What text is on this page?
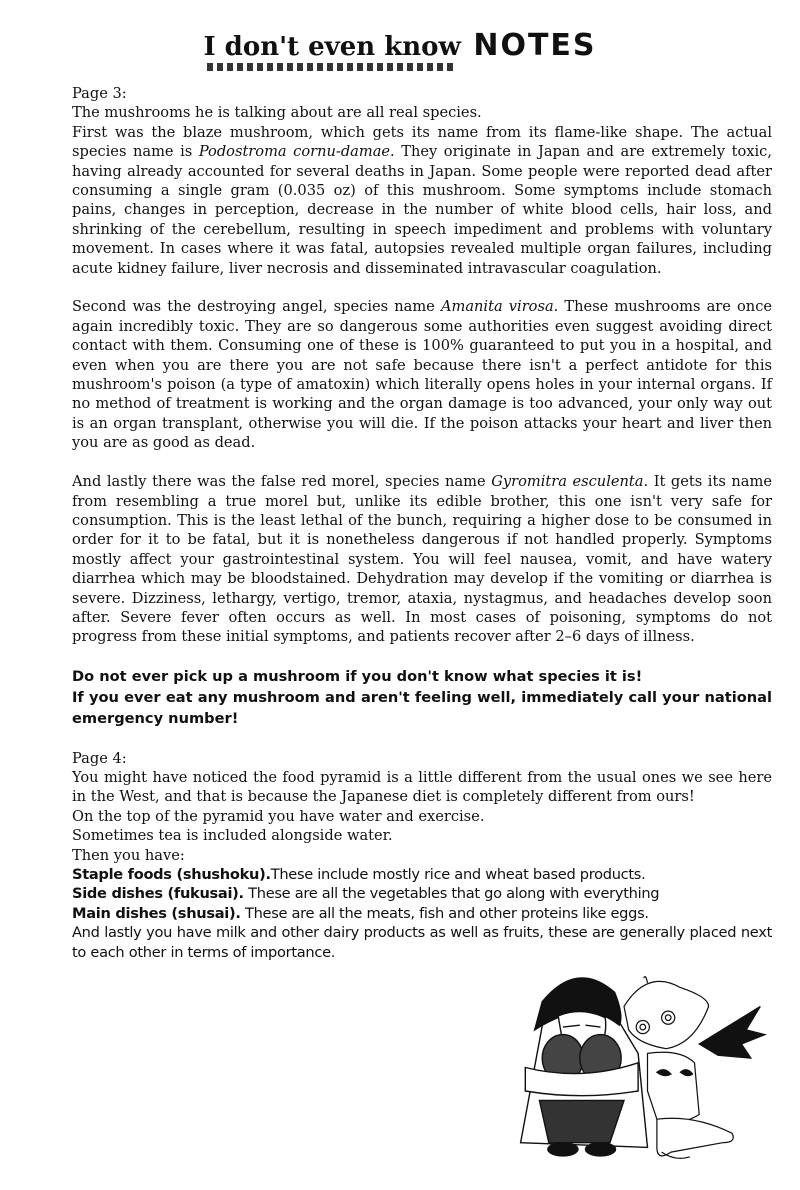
I don't even know NOTES

Page 3:

The mushrooms he is talking about are all real species.

First was the blaze mushroom, which gets its name from its flame-like shape. The actual species name is Podostroma cornu-damae. They originate in Japan and are extremely toxic, having already accounted for several deaths in Japan. Some people were reported dead after consuming a single gram (0.035 oz) of this mushroom. Some symptoms include stomach pains, changes in perception, decrease in the number of white blood cells, hair loss, and shrinking of the cerebellum, resulting in speech impediment and problems with voluntary movement. In cases where it was fatal, autopsies revealed multiple organ failures, including acute kidney failure, liver necrosis and disseminated intravascular coagulation.

Second was the destroying angel, species name Amanita virosa. These mushrooms are once again incredibly toxic. They are so dangerous some authorities even suggest avoiding direct contact with them. Consuming one of these is 100% guaranteed to put you in a hospital, and even when you are there you are not safe because there isn't a perfect antidote for this mushroom's poison (a type of amatoxin) which literally opens holes in your internal organs. If no method of treatment is working and the organ damage is too advanced, your only way out is an organ transplant, otherwise you will die. If the poison attacks your heart and liver then you are as good as dead.

And lastly there was the false red morel, species name Gyromitra esculenta. It gets its name from resembling a true morel but, unlike its edible brother, this one isn't very safe for consumption. This is the least lethal of the bunch, requiring a higher dose to be consumed in order for it to be fatal, but it is nonetheless dangerous if not handled properly. Symptoms mostly affect your gastrointestinal system. You will feel nausea, vomit, and have watery diarrhea which may be bloodstained. Dehydration may develop if the vomiting or diarrhea is severe. Dizziness, lethargy, vertigo, tremor, ataxia, nystagmus, and headaches develop soon after. Severe fever often occurs as well. In most cases of poisoning, symptoms do not progress from these initial symptoms, and patients recover after 2–6 days of illness.

Do not ever pick up a mushroom if you don't know what species it is!

If you ever eat any mushroom and aren't feeling well, immediately call your national emergency number!

Page 4:

You might have noticed the food pyramid is a little different from the usual ones we see here in the West, and that is because the Japanese diet is completely different from ours!

On the top of the pyramid you have water and exercise.

Sometimes tea is included alongside water.

Then you have:

Staple foods (shushoku).These include mostly rice and wheat based products.

Side dishes (fukusai). These are all the vegetables that go along with everything

Main dishes (shusai). These are all the meats, fish and other proteins like eggs.

And lastly you have milk and other dairy products as well as fruits, these are generally placed next to each other in terms of importance.
